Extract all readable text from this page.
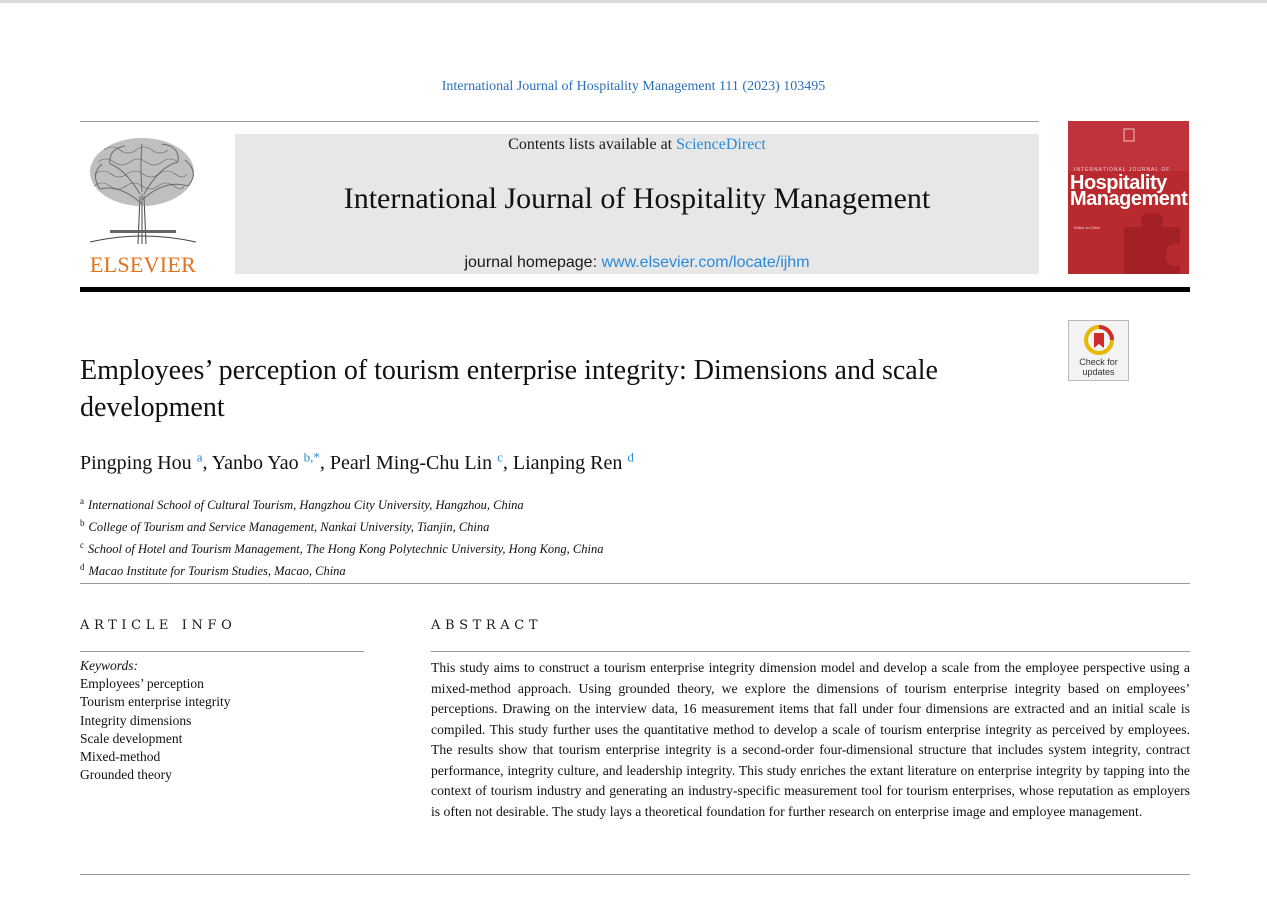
International Journal of Hospitality Management 111 (2023) 103495
ELSEVIER
Contents lists available at ScienceDirect
International Journal of Hospitality Management
journal homepage: www.elsevier.com/locate/ijhm
INTERNATIONAL JOURNAL OF
Hospitality
Management
Editor-in-Chief
Check for
updates
Employees’ perception of tourism enterprise integrity: Dimensions and scale development
Pingping Hou $^a$, Yanbo Yao $^{b,*}$, Pearl Ming-Chu Lin $^c$, Lianping Ren $^d$
$^a$ International School of Cultural Tourism, Hangzhou City University, Hangzhou, China
$^b$ College of Tourism and Service Management, Nankai University, Tianjin, China
$^c$ School of Hotel and Tourism Management, The Hong Kong Polytechnic University, Hong Kong, China
$^d$ Macao Institute for Tourism Studies, Macao, China
ARTICLE INFO	ABSTRACT
Keywords:
Employees’ perception
Tourism enterprise integrity
Integrity dimensions
Scale development
Mixed-method
Grounded theory

This study aims to construct a tourism enterprise integrity dimension model and develop a scale from the employee perspective using a mixed-method approach. Using grounded theory, we explore the dimensions of tourism enterprise integrity based on employees’ perceptions. Drawing on the interview data, 16 measurement items that fall under four dimensions are extracted and an initial scale is compiled. This study further uses the quantitative method to develop a scale of tourism enterprise integrity as perceived by employees. The results show that tourism enterprise integrity is a second-order four-dimensional structure that includes system integrity, contract performance, integrity culture, and leadership integrity. This study enriches the extant literature on enterprise integrity by tapping into the context of tourism industry and generating an industry-specific measurement tool for tourism enterprises, whose reputation as employers is often not desirable. The study lays a theoretical foundation for further research on enterprise image and employee management.
